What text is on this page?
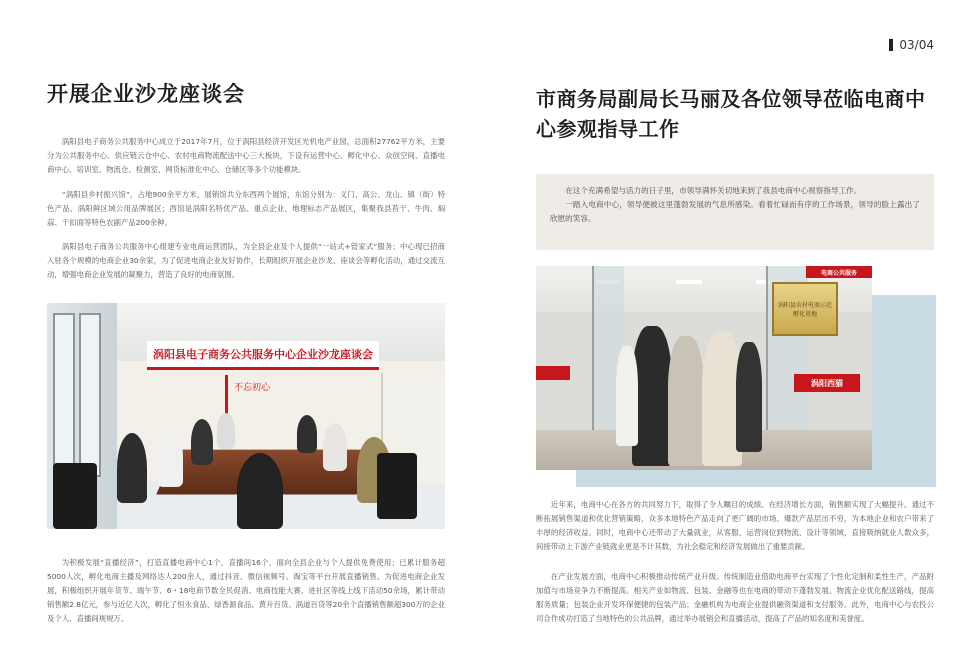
03/04
开展企业沙龙座谈会

涡阳县电子商务公共服务中心成立于2017年7月，位于涡阳县经济开发区光机电产业园，总面积27762平方米，主要分为公共服务中心、供应链云仓中心、农村电商物流配送中心三大板块，下设有运营中心、孵化中心、众创空间、直播电商中心、培训室、物流仓、检测室、网货标准化中心、仓储区等多个功能模块。

“涡阳县乡村振兴馆”，占地900余平方米，展销馆共分东西两个展馆，东馆分别为：义门、高公、龙山、镇（街）特色产品、涡阳鲜区域公用品牌展区；西馆是涡阳名特优产品、重点企业、地理标志产品展区，集聚我县苔干、牛肉、焖蒜、干扣面等特色农副产品200余种。

涡阳县电子商务公共服务中心组建专业电商运营团队，为全县企业及个人提供“一站式+管家式”服务；中心现已招商入驻各个规模的电商企业30余家，为了促进电商企业友好协作，长期组织开展企业沙龙、座谈会等孵化活动，通过交流互动，增强电商企业发展的凝聚力，营造了良好的电商氛围。

涡阳县电子商务公共服务中心企业沙龙座谈会
不忘初心

为积极发展“直播经济”，打造直播电商中心1个，直播间16个，面向全县企业与个人提供免费使用；已累计服务超5000人次，孵化电商主播及网络达人200余人，通过抖音、微信视频号、淘宝等平台开展直播销售。为促进电商企业发展，积极组织开展年货节、端午节、6・18电商节数全民促消、电商技能大赛、进社区等线上线下活动50余场，累计带动销售额2.8亿元，参与近亿人次，孵化了恒永食品、绿香源食品、黄升百货、涡道百货等20余个直播销售额超300万的企业及个人、直播间规规万。

市商务局副局长马丽及各位领导莅临电商中心参观指导工作

在这个充满希望与活力的日子里，市领导满怀关切地来到了我县电商中心视察指导工作。

一踏入电商中心，领导便被这里蓬勃发展的气息所感染。看着忙碌而有序的工作场景，领导的脸上露出了欣慰的笑容。

涡阳西猫
电商公共服务
涡阳县农村电商示范孵化基地

近年来，电商中心在各方的共同努力下，取得了令人瞩目的成绩。在经济增长方面，销售额实现了大幅提升。通过不断拓展销售渠道和优化营销策略，众多本地特色产品走向了更广阔的市场。爆款产品层出不穷，为本地企业和农户带来了丰厚的经济收益。同时，电商中心还带动了大量就业，从客服、运营岗位到物流、设计等领域，直接吸纳就业人数众多，间接带动上下游产业链就业更是不计其数，为社会稳定和经济发展做出了重要贡献。

在产业发展方面，电商中心积极推动传统产业升级。传统制造业借助电商平台实现了个性化定制和柔性生产，产品附加值与市场竞争力不断提高。相关产业如物流、包装、金融等也在电商的带动下蓬勃发展。物流企业优化配送路线，提高服务质量；包装企业开发环保便捷的包装产品；金融机构为电商企业提供融资渠道和支付服务。此外，电商中心与农投公司合作成功打造了当地特色的公共品牌，通过举办展销会和直播活动，提高了产品的知名度和美誉度。
